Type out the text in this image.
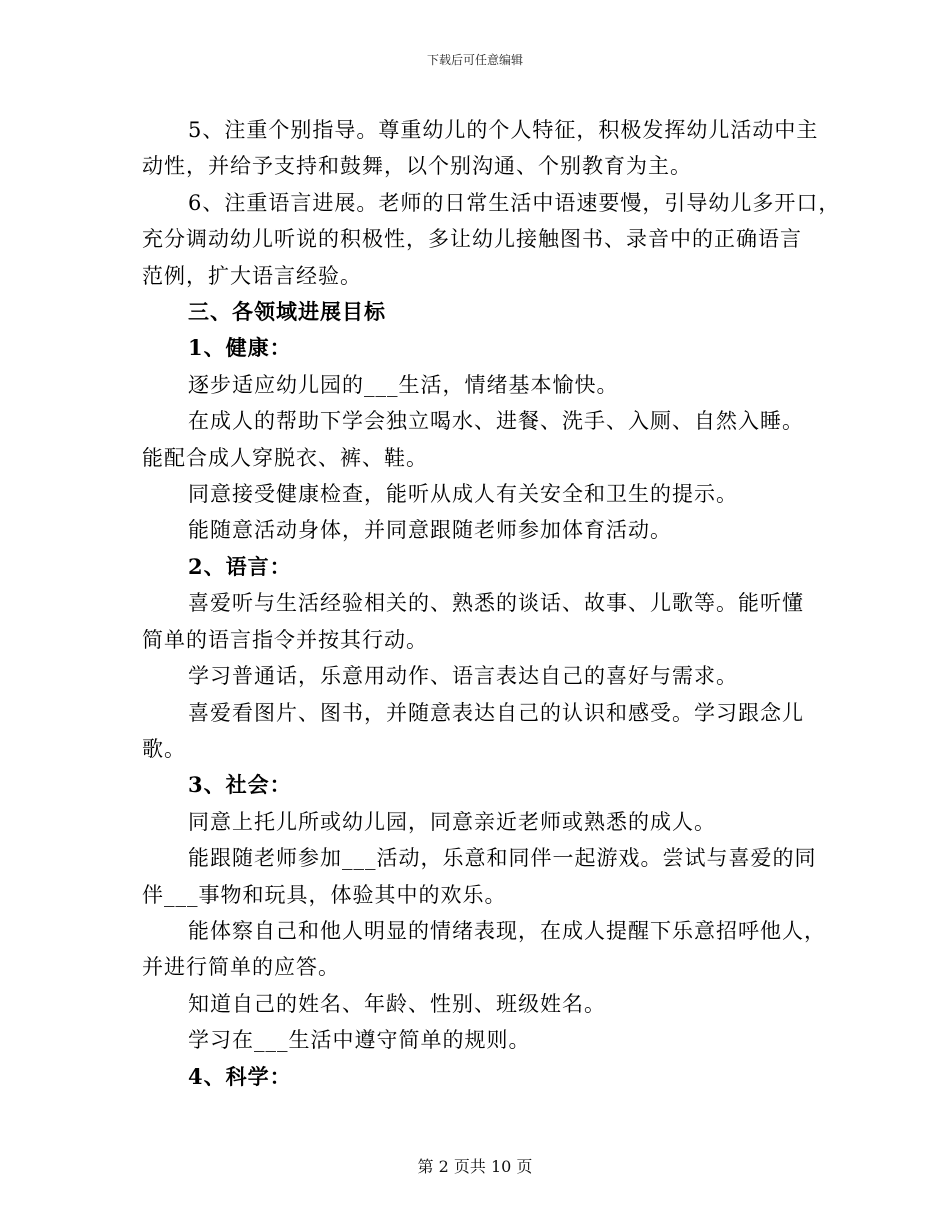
下载后可任意编辑

5、注重个别指导。尊重幼儿的个人特征，积极发挥幼儿活动中主

动性，并给予支持和鼓舞，以个别沟通、个别教育为主。

6、注重语言进展。老师的日常生活中语速要慢，引导幼儿多开口，

充分调动幼儿听说的积极性，多让幼儿接触图书、录音中的正确语言

范例，扩大语言经验。

三、各领域进展目标

1、健康：

逐步适应幼儿园的___生活，情绪基本愉快。

在成人的帮助下学会独立喝水、进餐、洗手、入厕、自然入睡。

能配合成人穿脱衣、裤、鞋。

同意接受健康检查，能听从成人有关安全和卫生的提示。

能随意活动身体，并同意跟随老师参加体育活动。

2、语言：

喜爱听与生活经验相关的、熟悉的谈话、故事、儿歌等。能听懂

简单的语言指令并按其行动。

学习普通话，乐意用动作、语言表达自己的喜好与需求。

喜爱看图片、图书，并随意表达自己的认识和感受。学习跟念儿

歌。

3、社会：

同意上托儿所或幼儿园，同意亲近老师或熟悉的成人。

能跟随老师参加___活动，乐意和同伴一起游戏。尝试与喜爱的同

伴___事物和玩具，体验其中的欢乐。

能体察自己和他人明显的情绪表现，在成人提醒下乐意招呼他人，

并进行简单的应答。

知道自己的姓名、年龄、性别、班级姓名。

学习在___生活中遵守简单的规则。

4、科学：

第 2 页共 10 页
